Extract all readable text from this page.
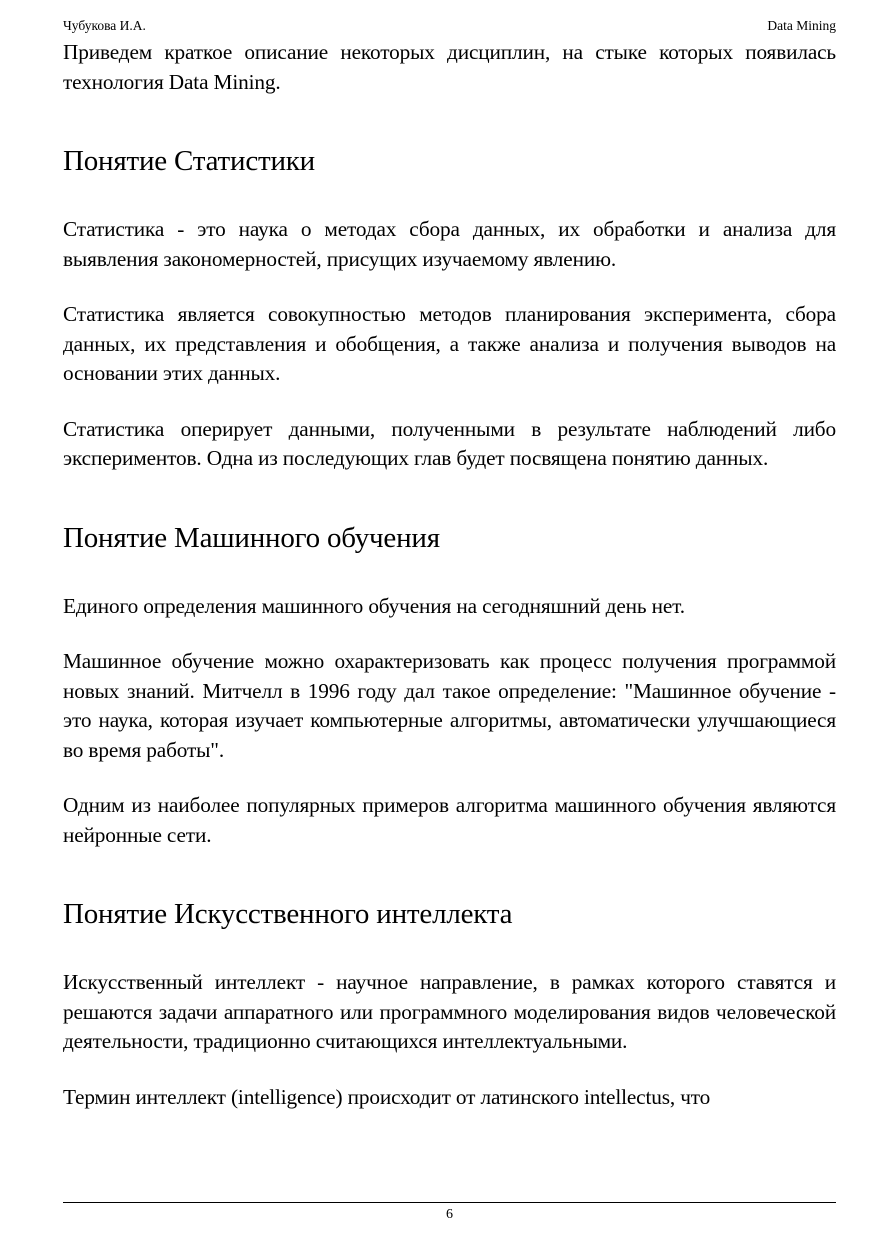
Чубукова И.А.	Data Mining

Приведем краткое описание некоторых дисциплин, на стыке которых появилась технология Data Mining.

Понятие Статистики

Статистика - это наука о методах сбора данных, их обработки и анализа для выявления закономерностей, присущих изучаемому явлению.

Статистика является совокупностью методов планирования эксперимента, сбора данных, их представления и обобщения, а также анализа и получения выводов на основании этих данных.

Статистика оперирует данными, полученными в результате наблюдений либо экспериментов. Одна из последующих глав будет посвящена понятию данных.

Понятие Машинного обучения

Единого определения машинного обучения на сегодняшний день нет.

Машинное обучение можно охарактеризовать как процесс получения программой новых знаний. Митчелл в 1996 году дал такое определение: "Машинное обучение - это наука, которая изучает компьютерные алгоритмы, автоматически улучшающиеся во время работы".

Одним из наиболее популярных примеров алгоритма машинного обучения являются нейронные сети.

Понятие Искусственного интеллекта

Искусственный интеллект - научное направление, в рамках которого ставятся и решаются задачи аппаратного или программного моделирования видов человеческой деятельности, традиционно считающихся интеллектуальными.

Термин интеллект (intelligence) происходит от латинского intellectus, что

6
